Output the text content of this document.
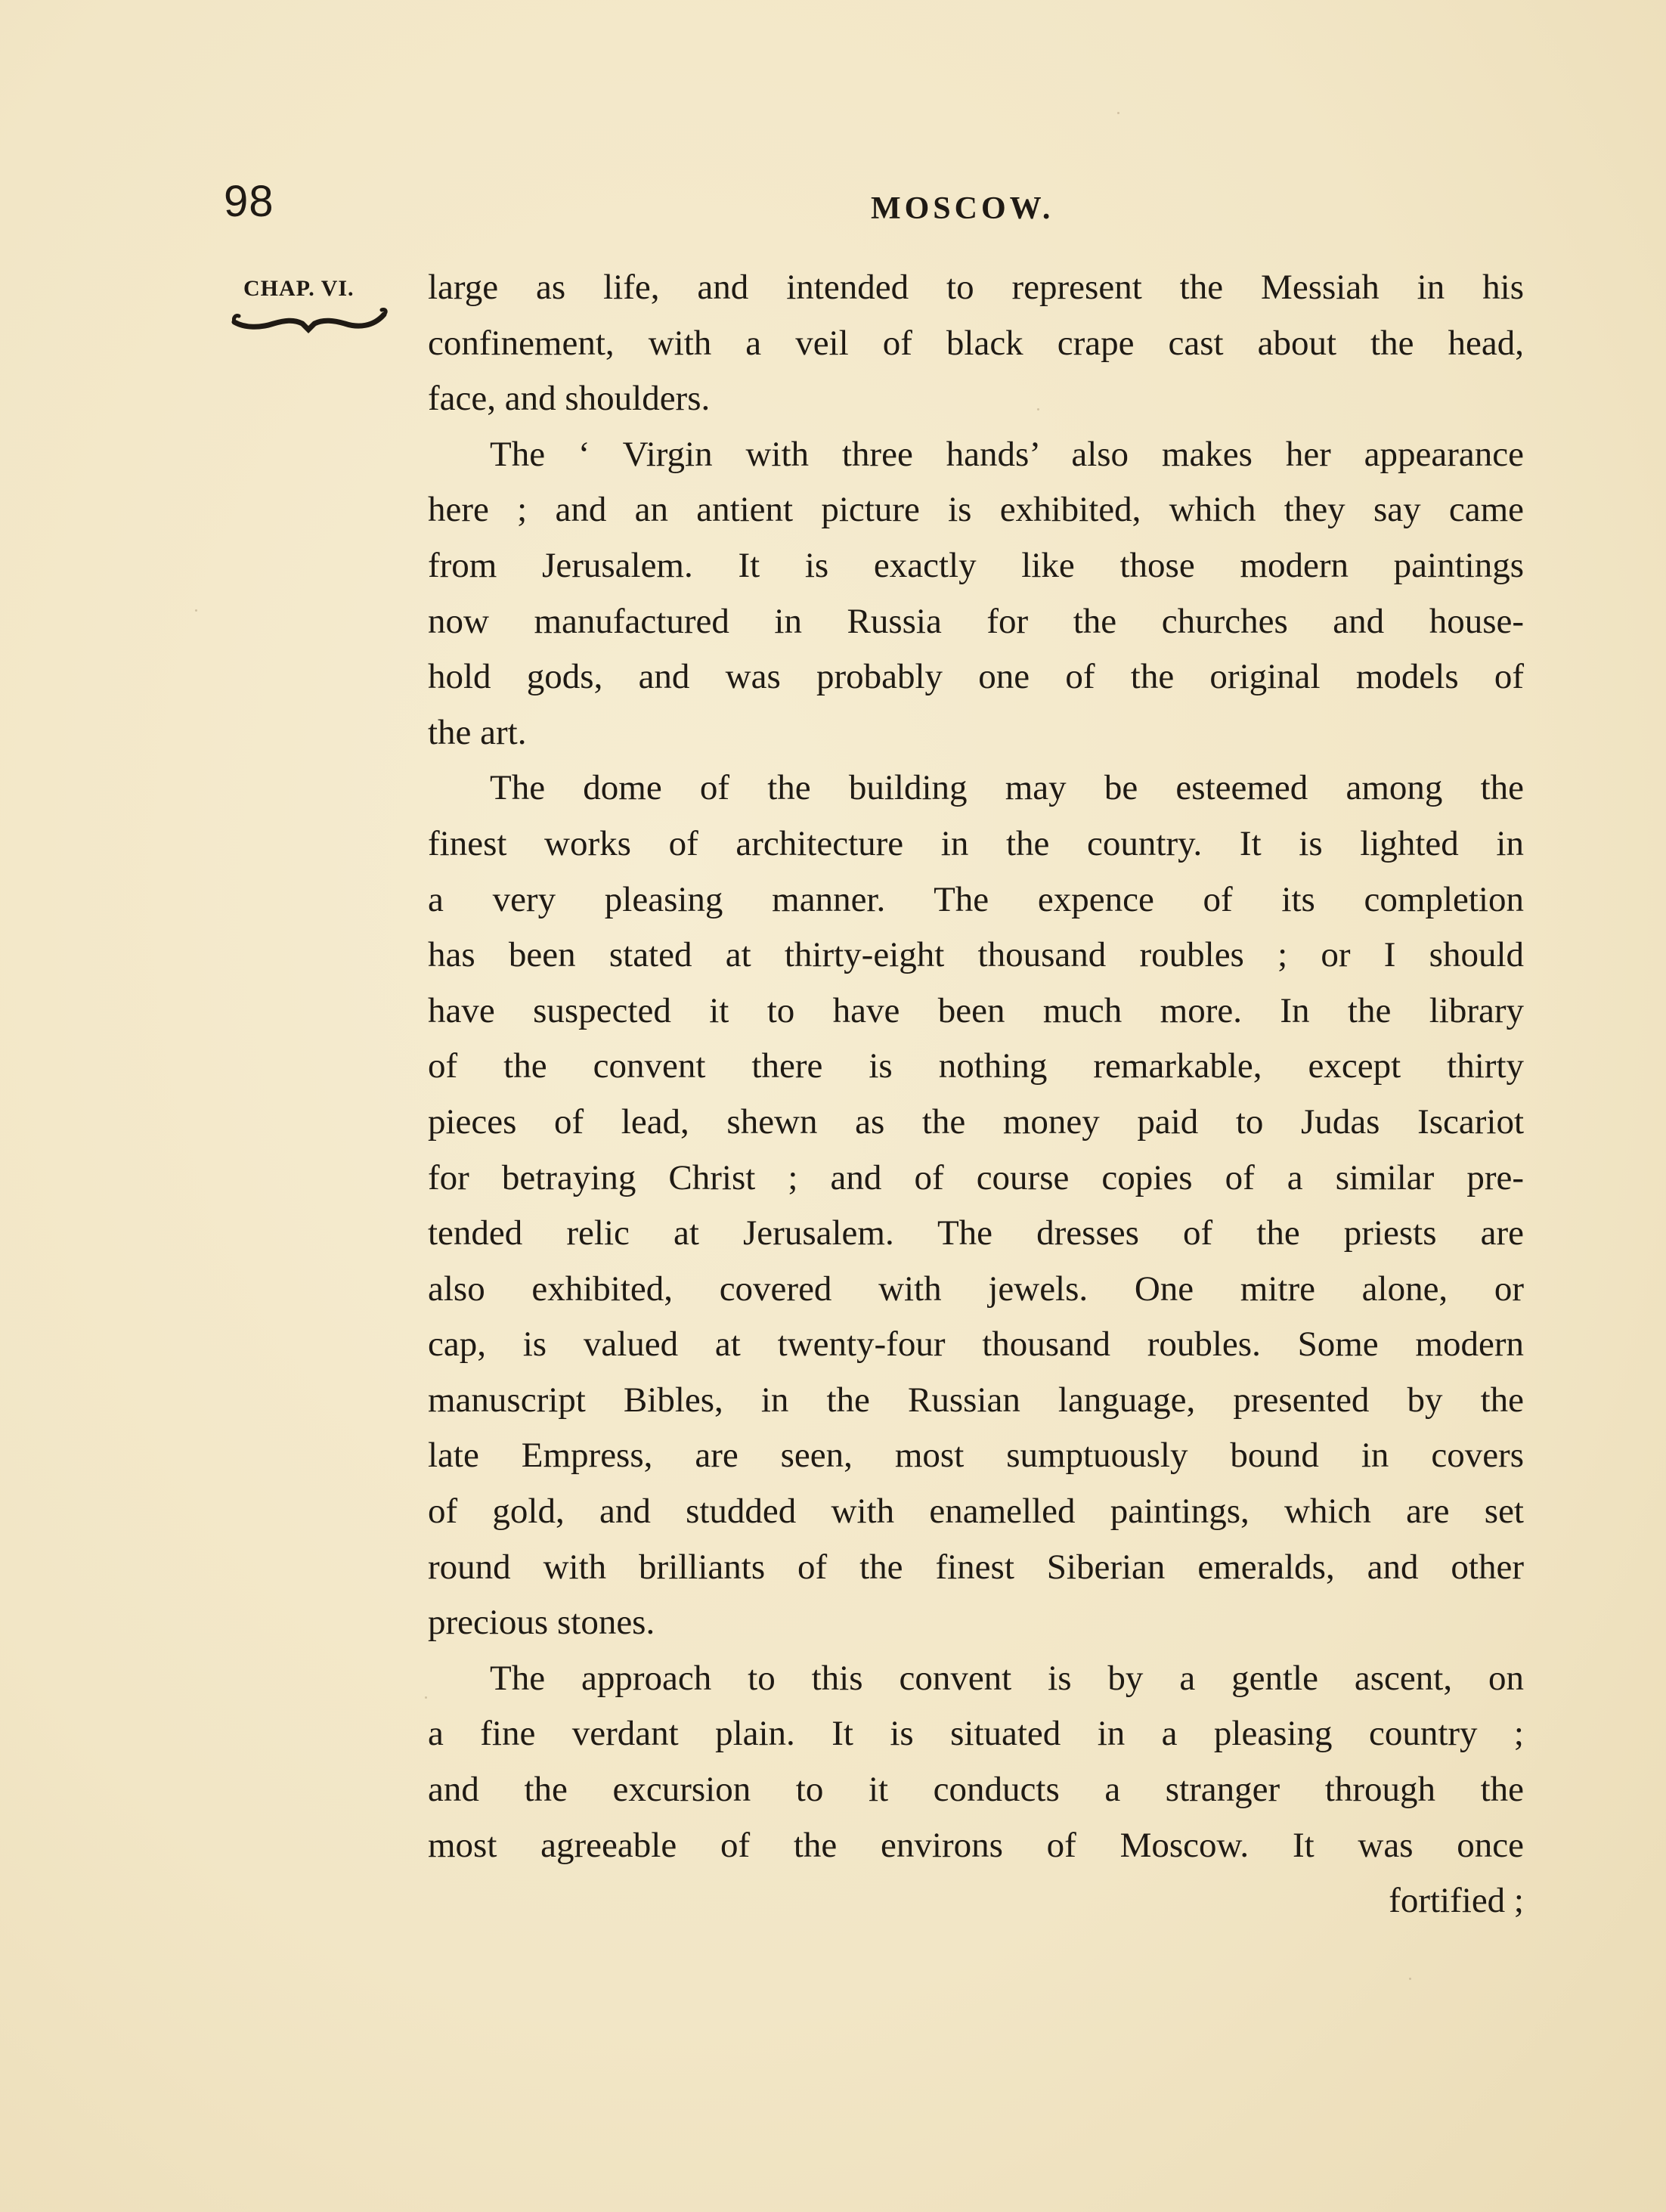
98	MOSCOW.
CHAP. VI. large as life, and intended to represent the Messiah in his
confinement, with a veil of black crape cast about the head,
face, and shoulders.
The ‘ Virgin with three hands’ also makes her appearance
here ; and an antient picture is exhibited, which they say came
from Jerusalem. It is exactly like those modern paintings
now manufactured in Russia for the churches and house-
hold gods, and was probably one of the original models of
the art.
The dome of the building may be esteemed among the
finest works of architecture in the country. It is lighted in
a very pleasing manner. The expence of its completion
has been stated at thirty-eight thousand roubles ; or I should
have suspected it to have been much more. In the library
of the convent there is nothing remarkable, except thirty
pieces of lead, shewn as the money paid to Judas Iscariot
for betraying Christ ; and of course copies of a similar pre-
tended relic at Jerusalem. The dresses of the priests are
also exhibited, covered with jewels. One mitre alone, or
cap, is valued at twenty-four thousand roubles. Some modern
manuscript Bibles, in the Russian language, presented by the
late Empress, are seen, most sumptuously bound in covers
of gold, and studded with enamelled paintings, which are set
round with brilliants of the finest Siberian emeralds, and other
precious stones.
The approach to this convent is by a gentle ascent, on
a fine verdant plain. It is situated in a pleasing country ;
and the excursion to it conducts a stranger through the
most agreeable of the environs of Moscow. It was once
fortified ;
